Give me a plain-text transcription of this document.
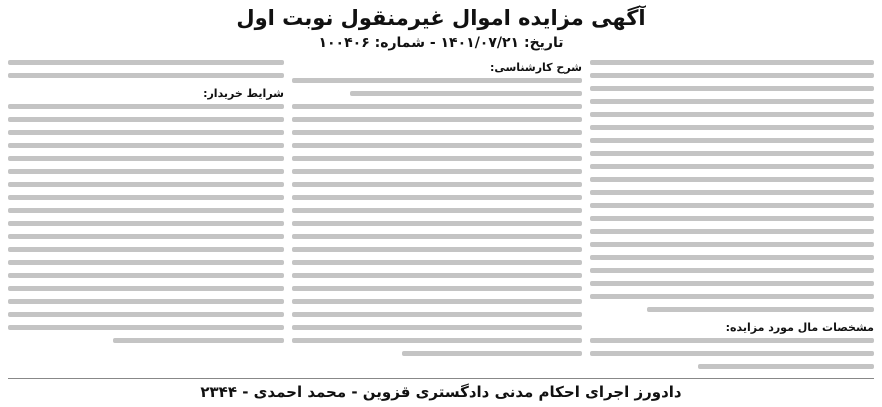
آگهی مزایده اموال غیرمنقول نوبت اول
تاریخ: ۱۴۰۱/۰۷/۲۱ - شماره: ۱۰۰۴۰۶
مشخصات مال مورد مزایده:
شرح کارشناسی:
شرایط خریدار:
دادورز اجرای احکام مدنی دادگستری قزوین - محمد احمدی - ۲۳۴۴
